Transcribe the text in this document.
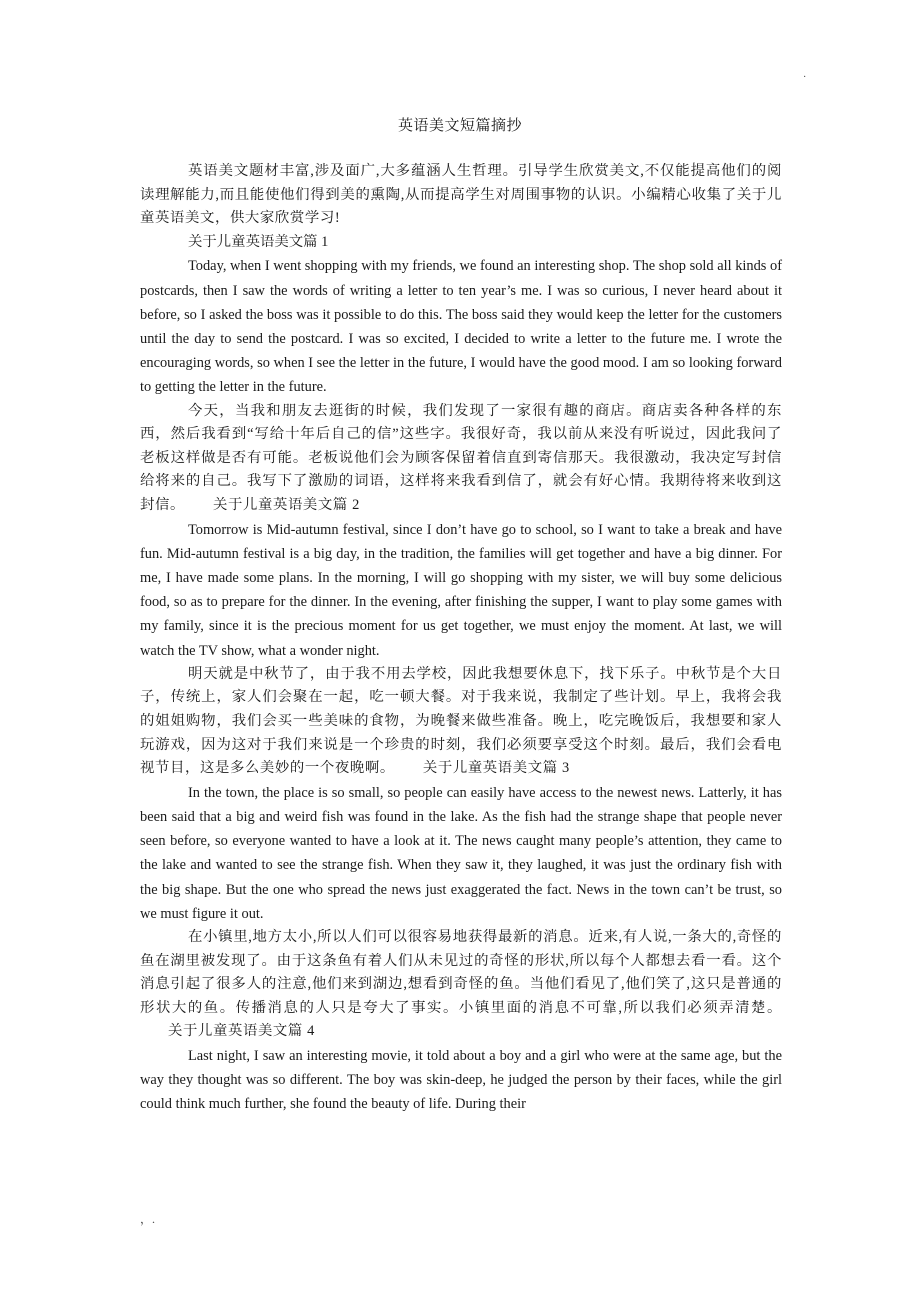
·
英语美文短篇摘抄

英语美文题材丰富,涉及面广,大多蕴涵人生哲理。引导学生欣赏美文,不仅能提高他们的阅读理解能力,而且能使他们得到美的熏陶,从而提高学生对周围事物的认识。小编精心收集了关于儿童英语美文，供大家欣赏学习!

关于儿童英语美文篇 1

Today, when I went shopping with my friends, we found an interesting shop. The shop sold all kinds of postcards, then I saw the words of writing a letter to ten year’s me. I was so curious, I never heard about it before, so I asked the boss was it possible to do this. The boss said they would keep the letter for the customers until the day to send the postcard. I was so excited, I decided to write a letter to the future me. I wrote the encouraging words, so when I see the letter in the future, I would have the good mood. I am so looking forward to getting the letter in the future.

今天，当我和朋友去逛街的时候，我们发现了一家很有趣的商店。商店卖各种各样的东西，然后我看到“写给十年后自己的信”这些字。我很好奇，我以前从来没有听说过，因此我问了老板这样做是否有可能。老板说他们会为顾客保留着信直到寄信那天。我很激动，我决定写封信给将来的自己。我写下了激励的词语，这样将来我看到信了，就会有好心情。我期待将来收到这封信。 关于儿童英语美文篇 2

Tomorrow is Mid-autumn festival, since I don’t have go to school, so I want to take a break and have fun. Mid-autumn festival is a big day, in the tradition, the families will get together and have a big dinner. For me, I have made some plans. In the morning, I will go shopping with my sister, we will buy some delicious food, so as to prepare for the dinner. In the evening, after finishing the supper, I want to play some games with my family, since it is the precious moment for us get together, we must enjoy the moment. At last, we will watch the TV show, what a wonder night.

明天就是中秋节了，由于我不用去学校，因此我想要休息下，找下乐子。中秋节是个大日子，传统上，家人们会聚在一起，吃一顿大餐。对于我来说，我制定了些计划。早上，我将会我的姐姐购物，我们会买一些美味的食物，为晚餐来做些准备。晚上，吃完晚饭后，我想要和家人玩游戏，因为这对于我们来说是一个珍贵的时刻，我们必须要享受这个时刻。最后，我们会看电视节目，这是多么美妙的一个夜晚啊。 关于儿童英语美文篇 3

In the town, the place is so small, so people can easily have access to the newest news. Latterly, it has been said that a big and weird fish was found in the lake. As the fish had the strange shape that people never seen before, so everyone wanted to have a look at it. The news caught many people’s attention, they came to the lake and wanted to see the strange fish. When they saw it, they laughed, it was just the ordinary fish with the big shape. But the one who spread the news just exaggerated the fact. News in the town can’t be trust, so we must figure it out.

在小镇里,地方太小,所以人们可以很容易地获得最新的消息。近来,有人说,一条大的,奇怪的鱼在湖里被发现了。由于这条鱼有着人们从未见过的奇怪的形状,所以每个人都想去看一看。这个消息引起了很多人的注意,他们来到湖边,想看到奇怪的鱼。当他们看见了,他们笑了,这只是普通的形状大的鱼。传播消息的人只是夸大了事实。小镇里面的消息不可靠,所以我们必须弄清楚。关于儿童英语美文篇 4

Last night, I saw an interesting movie, it told about a boy and a girl who were at the same age, but the way they thought was so different. The boy was skin-deep, he judged the person by their faces, while the girl could think much further, she found the beauty of life. During their

，.
